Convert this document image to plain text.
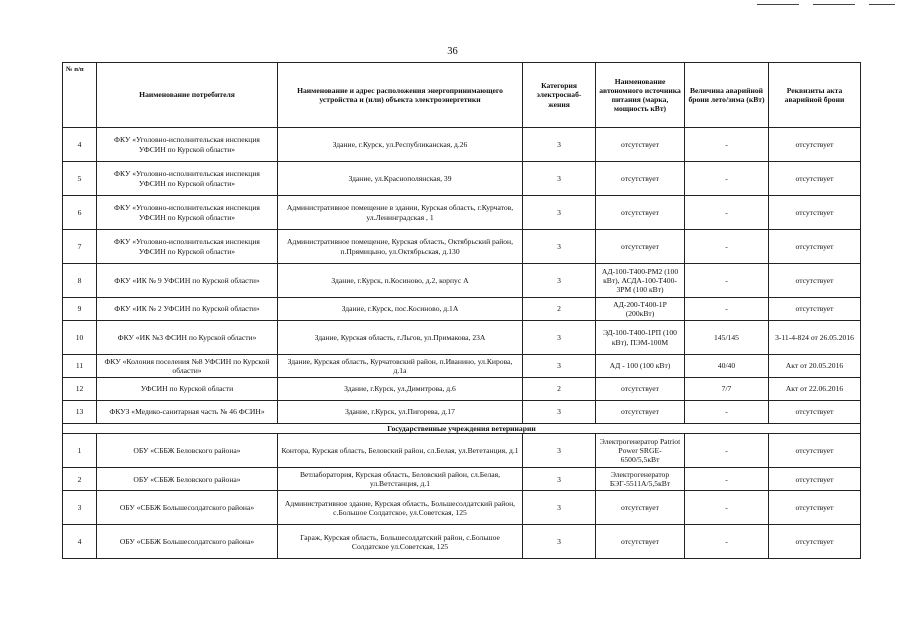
36
№ п/п	Наименование потребителя	Наименование и адрес расположения энергопринимающего устройства и (или) объекта электроэнергетики	Категория электроснаб-жения	Наименование автономного источника питания (марка, мощность кВт)	Величина аварийной брони лето/зима (кВт)	Реквизиты акта аварийной брони
4	ФКУ «Уголовно-исполнительская инспекция УФСИН по Курской области»	Здание, г.Курск, ул.Республиканская, д.26	3	отсутствует	-	отсутствует
5	ФКУ «Уголовно-исполнительская инспекция УФСИН по Курской области»	Здание, ул.Краснополянская, 39	3	отсутствует	-	отсутствует
6	ФКУ «Уголовно-исполнительская инспекция УФСИН по Курской области»	Административное помещение в здании, Курская область, г.Курчатов, ул.Ленинградская , 1	3	отсутствует	-	отсутствует
7	ФКУ «Уголовно-исполнительская инспекция УФСИН по Курской области»	Административное помещение, Курская область, Октябрьский район, п.Прямицыно, ул.Октябрьская, д.130	3	отсутствует	-	отсутствует
8	ФКУ «ИК № 9 УФСИН по Курской области»	Здание, г.Курск, п.Косиново, д.2, корпус А	3	АД-100-Т400-РМ2 (100 кВт), АСДА-100-Т400-3РМ (100 кВт)	-	отсутствует
9	ФКУ «ИК № 2 УФСИН по Курской области»	Здание, г.Курск, пос.Косиново, д.1А	2	АД-200-Т400-1Р (200кВт)	-	отсутствует
10	ФКУ «ИК №3 ФСИН по Курской области»	Здание, Курская область, г.Льгов, ул.Примакова, 23А	3	ЭД-100-Т400-1РП (100 кВт), ПЭМ-100М	145/145	3-11-4-824 от 26.05.2016
11	ФКУ «Колония поселения №8 УФСИН по Курской области»	Здание, Курская область, Курчатовский район, п.Иванино, ул.Кирова, д.1а	3	АД - 100 (100 кВт)	40/40	Акт от 20.05.2016
12	УФСИН по Курской области	Здание, г.Курск, ул.Димитрова, д.6	2	отсутствует	7/7	Акт от 22.06.2016
13	ФКУЗ «Медико-санитарная часть № 46 ФСИН»	Здание, г.Курск, ул.Пигорева, д.17	3	отсутствует	-	отсутствует
Государственные учреждения ветеринарии						
1	ОБУ «СББЖ Беловского района»	Контора, Курская область, Беловский район, сл.Белая, ул.Вететанция, д.1	3	Электрогенератор Patriot Power SRGE-6500/5,5кВт	-	отсутствует
2	ОБУ «СББЖ Беловского района»	Ветлаборатория, Курская область, Беловский район, сл.Белая, ул.Ветстанция, д.1	3	Электрогенератор БЭГ-5511А/5,5кВт	-	отсутствует
3	ОБУ «СББЖ Большесолдатского района»	Административное здание, Курская область, Большесолдатский район, с.Большое Солдатское, ул.Советская, 125	3	отсутствует	-	отсутствует
4	ОБУ «СББЖ Большесолдатского района»	Гараж, Курская область, Большесолдатский район, с.Большое Солдатское ул.Советская, 125	3	отсутствует	-	отсутствует
